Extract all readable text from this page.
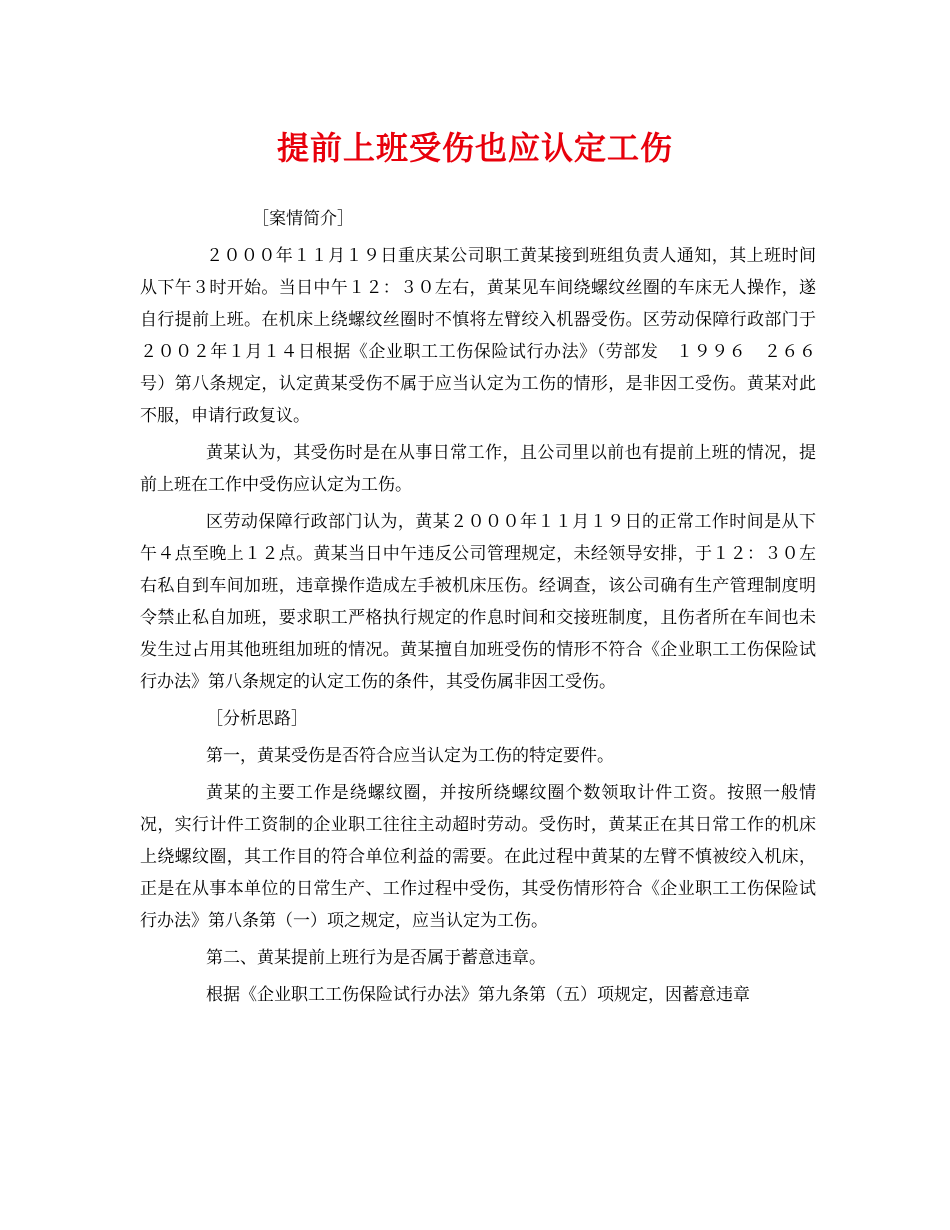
提前上班受伤也应认定工伤

［案情简介］

２０００年１１月１９日重庆某公司职工黄某接到班组负责人通知，其上班时间从下午３时开始。当日中午１２：３０左右，黄某见车间绕螺纹丝圈的车床无人操作，遂自行提前上班。在机床上绕螺纹丝圈时不慎将左臂绞入机器受伤。区劳动保障行政部门于２００２年１月１４日根据《企业职工工伤保险试行办法》（劳部发　１９９６　２６６号）第八条规定，认定黄某受伤不属于应当认定为工伤的情形，是非因工受伤。黄某对此不服，申请行政复议。

黄某认为，其受伤时是在从事日常工作，且公司里以前也有提前上班的情况，提前上班在工作中受伤应认定为工伤。

区劳动保障行政部门认为，黄某２０００年１１月１９日的正常工作时间是从下午４点至晚上１２点。黄某当日中午违反公司管理规定，未经领导安排，于１２：３０左右私自到车间加班，违章操作造成左手被机床压伤。经调查，该公司确有生产管理制度明令禁止私自加班，要求职工严格执行规定的作息时间和交接班制度，且伤者所在车间也未发生过占用其他班组加班的情况。黄某擅自加班受伤的情形不符合《企业职工工伤保险试行办法》第八条规定的认定工伤的条件，其受伤属非因工受伤。

［分析思路］

第一，黄某受伤是否符合应当认定为工伤的特定要件。

黄某的主要工作是绕螺纹圈，并按所绕螺纹圈个数领取计件工资。按照一般情况，实行计件工资制的企业职工往往主动超时劳动。受伤时，黄某正在其日常工作的机床上绕螺纹圈，其工作目的符合单位利益的需要。在此过程中黄某的左臂不慎被绞入机床，正是在从事本单位的日常生产、工作过程中受伤，其受伤情形符合《企业职工工伤保险试行办法》第八条第（一）项之规定，应当认定为工伤。

第二、黄某提前上班行为是否属于蓄意违章。

根据《企业职工工伤保险试行办法》第九条第（五）项规定，因蓄意违章
